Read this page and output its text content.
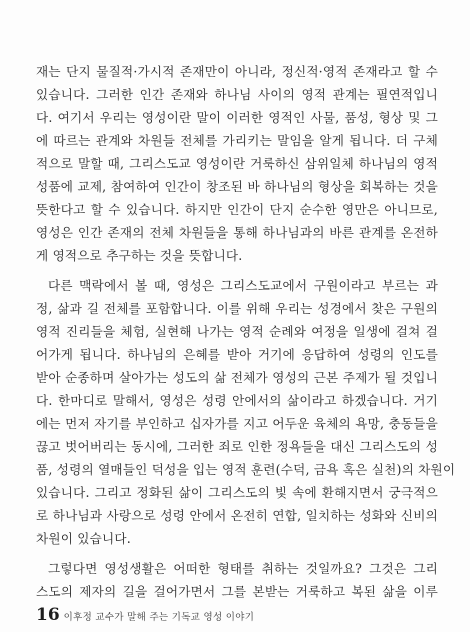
재는 단지 물질적·가시적 존재만이 아니라, 정신적·영적 존재라고 할 수
있습니다. 그러한 인간 존재와 하나님 사이의 영적 관계는 필연적입니
다. 여기서 우리는 영성이란 말이 이러한 영적인 사물, 품성, 형상 및 그
에 따르는 관계와 차원들 전체를 가리키는 말임을 알게 됩니다. 더 구체
적으로 말할 때, 그리스도교 영성이란 거룩하신 삼위일체 하나님의 영적
성품에 교제, 참여하여 인간이 창조된 바 하나님의 형상을 회복하는 것을
뜻한다고 할 수 있습니다. 하지만 인간이 단지 순수한 영만은 아니므로,
영성은 인간 존재의 전체 차원들을 통해 하나님과의 바른 관계를 온전하
게 영적으로 추구하는 것을 뜻합니다.
다른 맥락에서 볼 때, 영성은 그리스도교에서 구원이라고 부르는 과
정, 삶과 길 전체를 포함합니다. 이를 위해 우리는 성경에서 찾은 구원의
영적 진리들을 체험, 실현해 나가는 영적 순례와 여정을 일생에 걸쳐 걸
어가게 됩니다. 하나님의 은혜를 받아 거기에 응답하여 성령의 인도를
받아 순종하며 살아가는 성도의 삶 전체가 영성의 근본 주제가 될 것입니
다. 한마디로 말해서, 영성은 성령 안에서의 삶이라고 하겠습니다. 거기
에는 먼저 자기를 부인하고 십자가를 지고 어두운 육체의 욕망, 충동들을
끊고 벗어버리는 동시에, 그러한 죄로 인한 정욕들을 대신 그리스도의 성
품, 성령의 열매들인 덕성을 입는 영적 훈련(수덕, 금욕 혹은 실천)의 차원이
있습니다. 그리고 정화된 삶이 그리스도의 빛 속에 환해지면서 궁극적으
로 하나님과 사랑으로 성령 안에서 온전히 연합, 일치하는 성화와 신비의
차원이 있습니다.
그렇다면 영성생활은 어떠한 형태를 취하는 것일까요? 그것은 그리
스도의 제자의 길을 걸어가면서 그를 본받는 거룩하고 복된 삶을 이루
16 이후정 교수가 말해 주는 기독교 영성 이야기
